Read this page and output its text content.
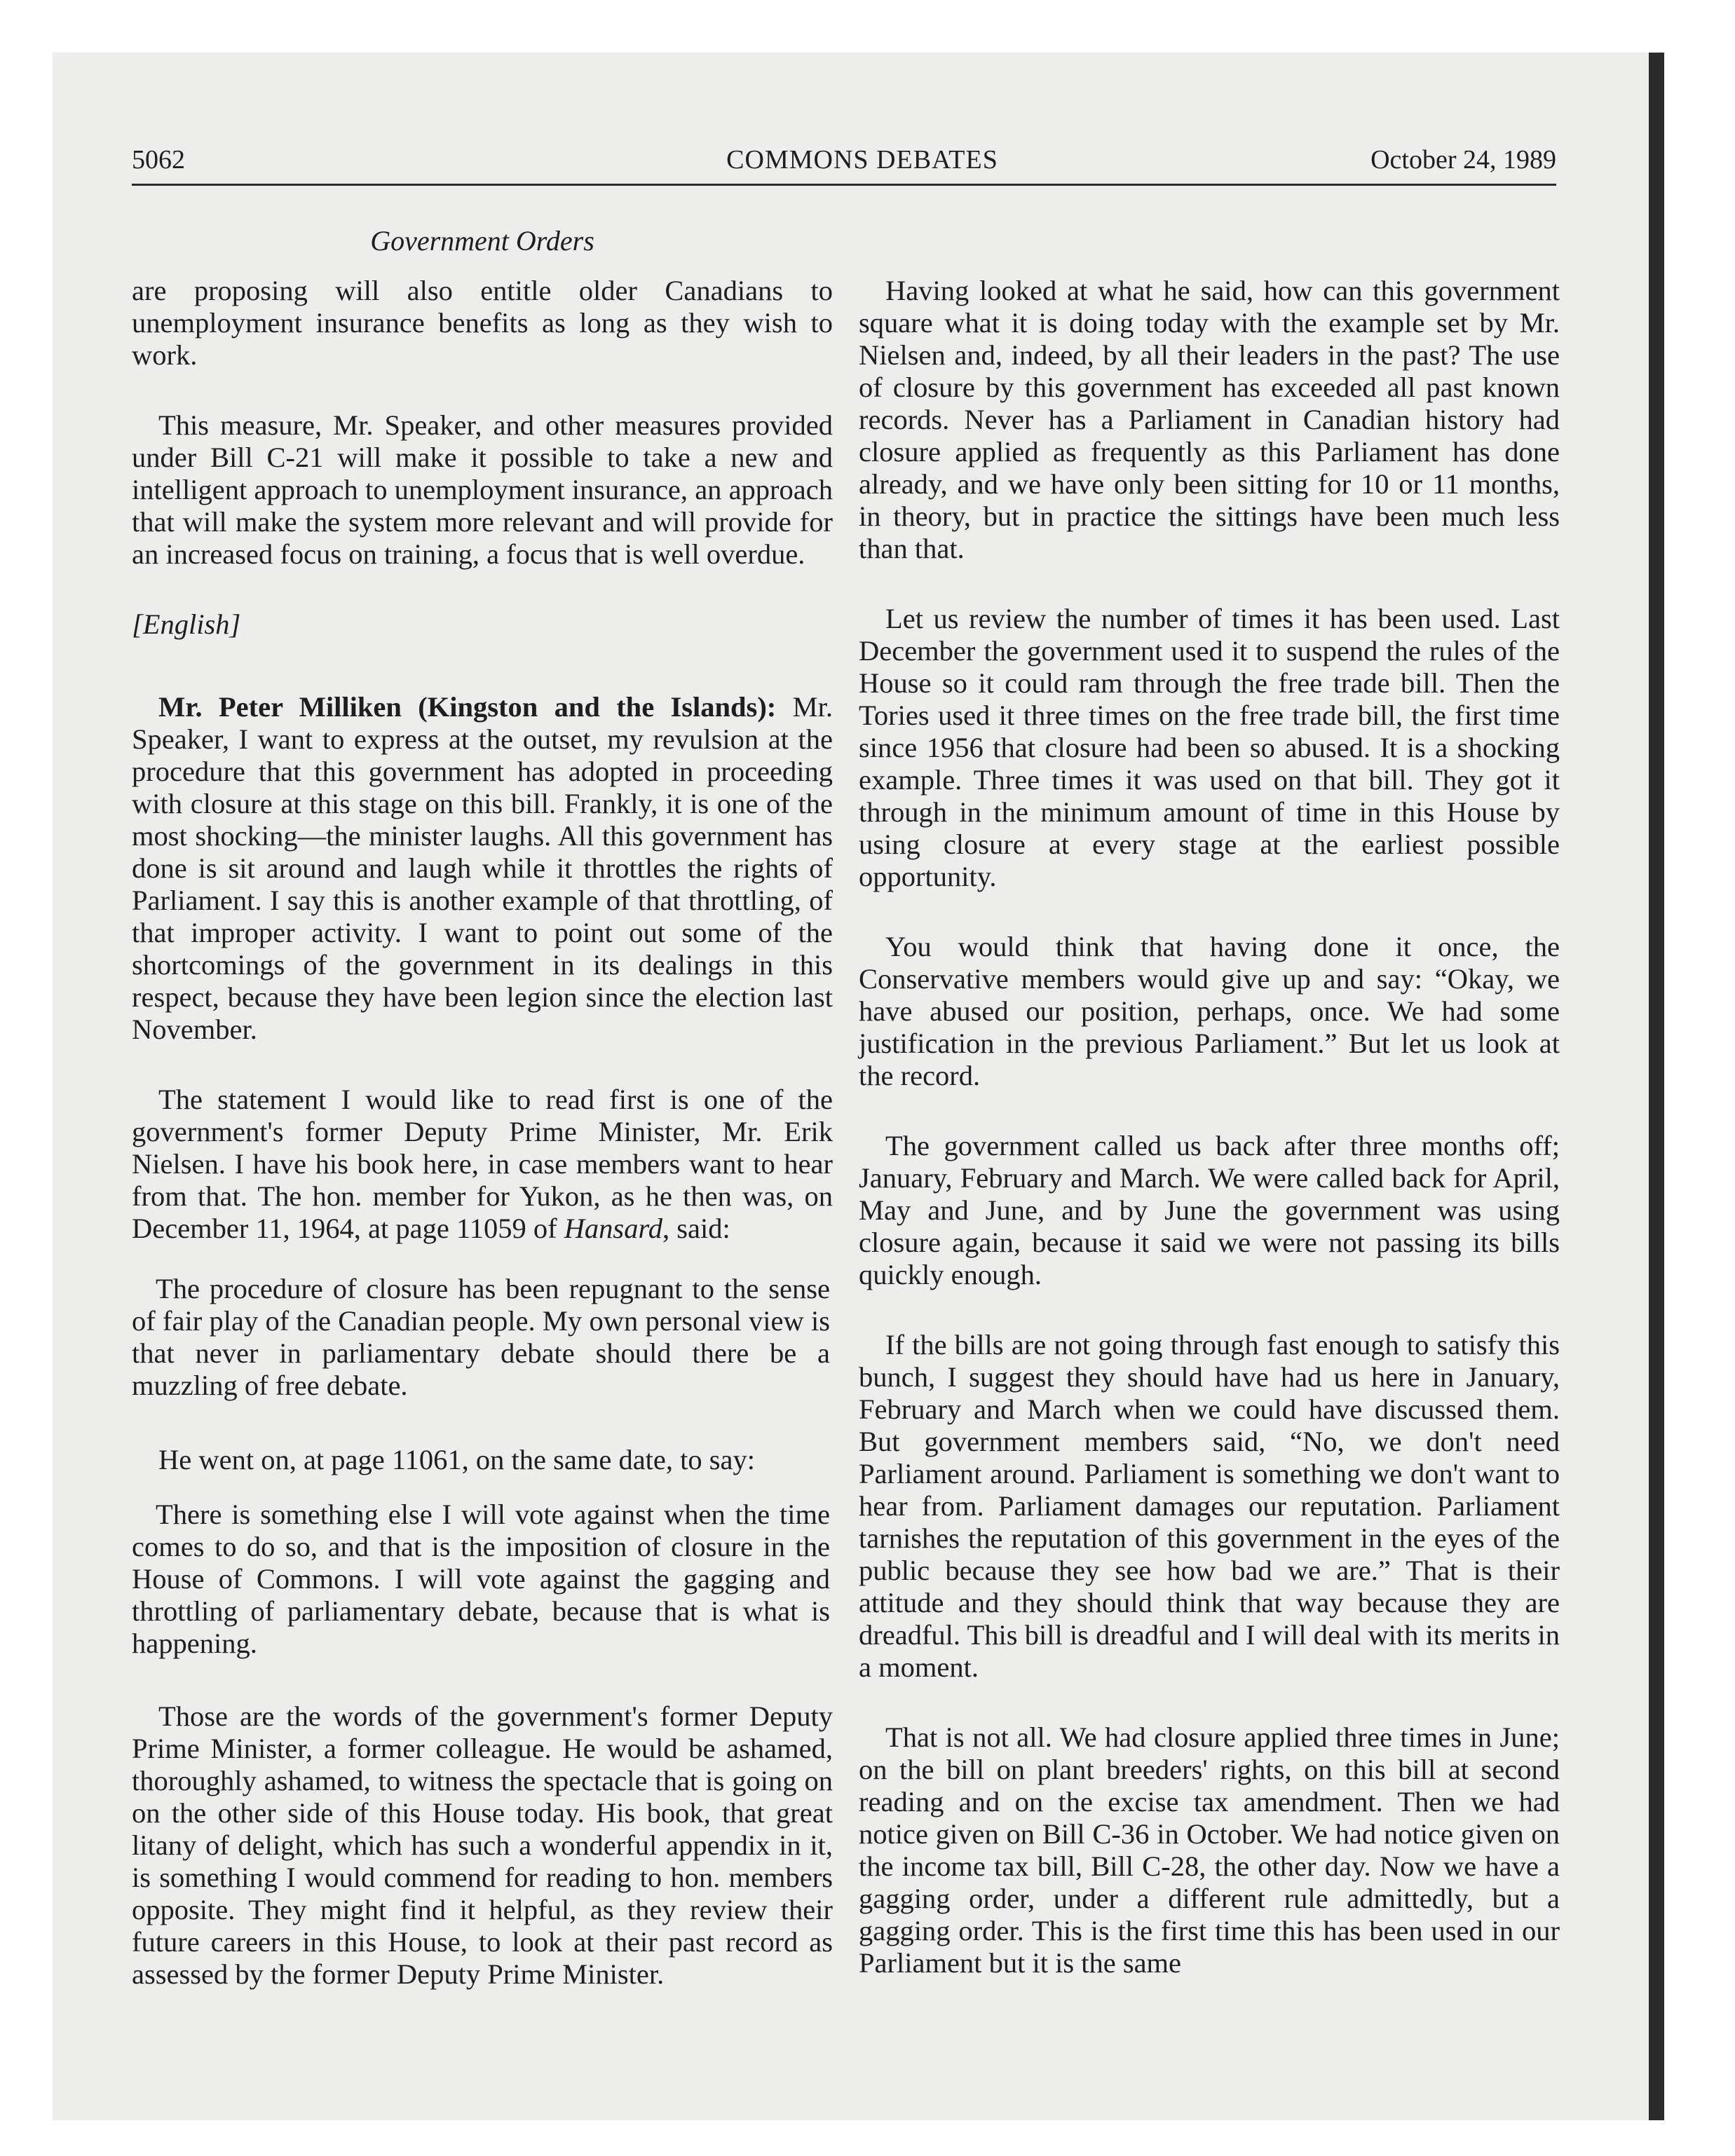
5062	COMMONS DEBATES	October 24, 1989
Government Orders

are proposing will also entitle older Canadians to unemployment insurance benefits as long as they wish to work.

This measure, Mr. Speaker, and other measures provided under Bill C-21 will make it possible to take a new and intelligent approach to unemployment insurance, an approach that will make the system more relevant and will provide for an increased focus on training, a focus that is well overdue.

[English]

Mr. Peter Milliken (Kingston and the Islands): Mr. Speaker, I want to express at the outset, my revulsion at the procedure that this government has adopted in proceeding with closure at this stage on this bill. Frankly, it is one of the most shocking—the minister laughs. All this government has done is sit around and laugh while it throttles the rights of Parliament. I say this is another example of that throttling, of that improper activity. I want to point out some of the shortcomings of the government in its dealings in this respect, because they have been legion since the election last November.

The statement I would like to read first is one of the government's former Deputy Prime Minister, Mr. Erik Nielsen. I have his book here, in case members want to hear from that. The hon. member for Yukon, as he then was, on December 11, 1964, at page 11059 of Hansard, said:

The procedure of closure has been repugnant to the sense of fair play of the Canadian people. My own personal view is that never in parliamentary debate should there be a muzzling of free debate.

He went on, at page 11061, on the same date, to say:

There is something else I will vote against when the time comes to do so, and that is the imposition of closure in the House of Commons. I will vote against the gagging and throttling of parliamentary debate, because that is what is happening.

Those are the words of the government's former Deputy Prime Minister, a former colleague. He would be ashamed, thoroughly ashamed, to witness the spectacle that is going on on the other side of this House today. His book, that great litany of delight, which has such a wonderful appendix in it, is something I would commend for reading to hon. members opposite. They might find it helpful, as they review their future careers in this House, to look at their past record as assessed by the former Deputy Prime Minister.

Having looked at what he said, how can this government square what it is doing today with the example set by Mr. Nielsen and, indeed, by all their leaders in the past? The use of closure by this government has exceeded all past known records. Never has a Parliament in Canadian history had closure applied as frequently as this Parliament has done already, and we have only been sitting for 10 or 11 months, in theory, but in practice the sittings have been much less than that.

Let us review the number of times it has been used. Last December the government used it to suspend the rules of the House so it could ram through the free trade bill. Then the Tories used it three times on the free trade bill, the first time since 1956 that closure had been so abused. It is a shocking example. Three times it was used on that bill. They got it through in the minimum amount of time in this House by using closure at every stage at the earliest possible opportunity.

You would think that having done it once, the Conservative members would give up and say: “Okay, we have abused our position, perhaps, once. We had some justification in the previous Parliament.” But let us look at the record.

The government called us back after three months off; January, February and March. We were called back for April, May and June, and by June the government was using closure again, because it said we were not passing its bills quickly enough.

If the bills are not going through fast enough to satisfy this bunch, I suggest they should have had us here in January, February and March when we could have discussed them. But government members said, “No, we don't need Parliament around. Parliament is something we don't want to hear from. Parliament damages our reputation. Parliament tarnishes the reputation of this government in the eyes of the public because they see how bad we are.” That is their attitude and they should think that way because they are dreadful. This bill is dreadful and I will deal with its merits in a moment.

That is not all. We had closure applied three times in June; on the bill on plant breeders' rights, on this bill at second reading and on the excise tax amendment. Then we had notice given on Bill C-36 in October. We had notice given on the income tax bill, Bill C-28, the other day. Now we have a gagging order, under a different rule admittedly, but a gagging order. This is the first time this has been used in our Parliament but it is the same
